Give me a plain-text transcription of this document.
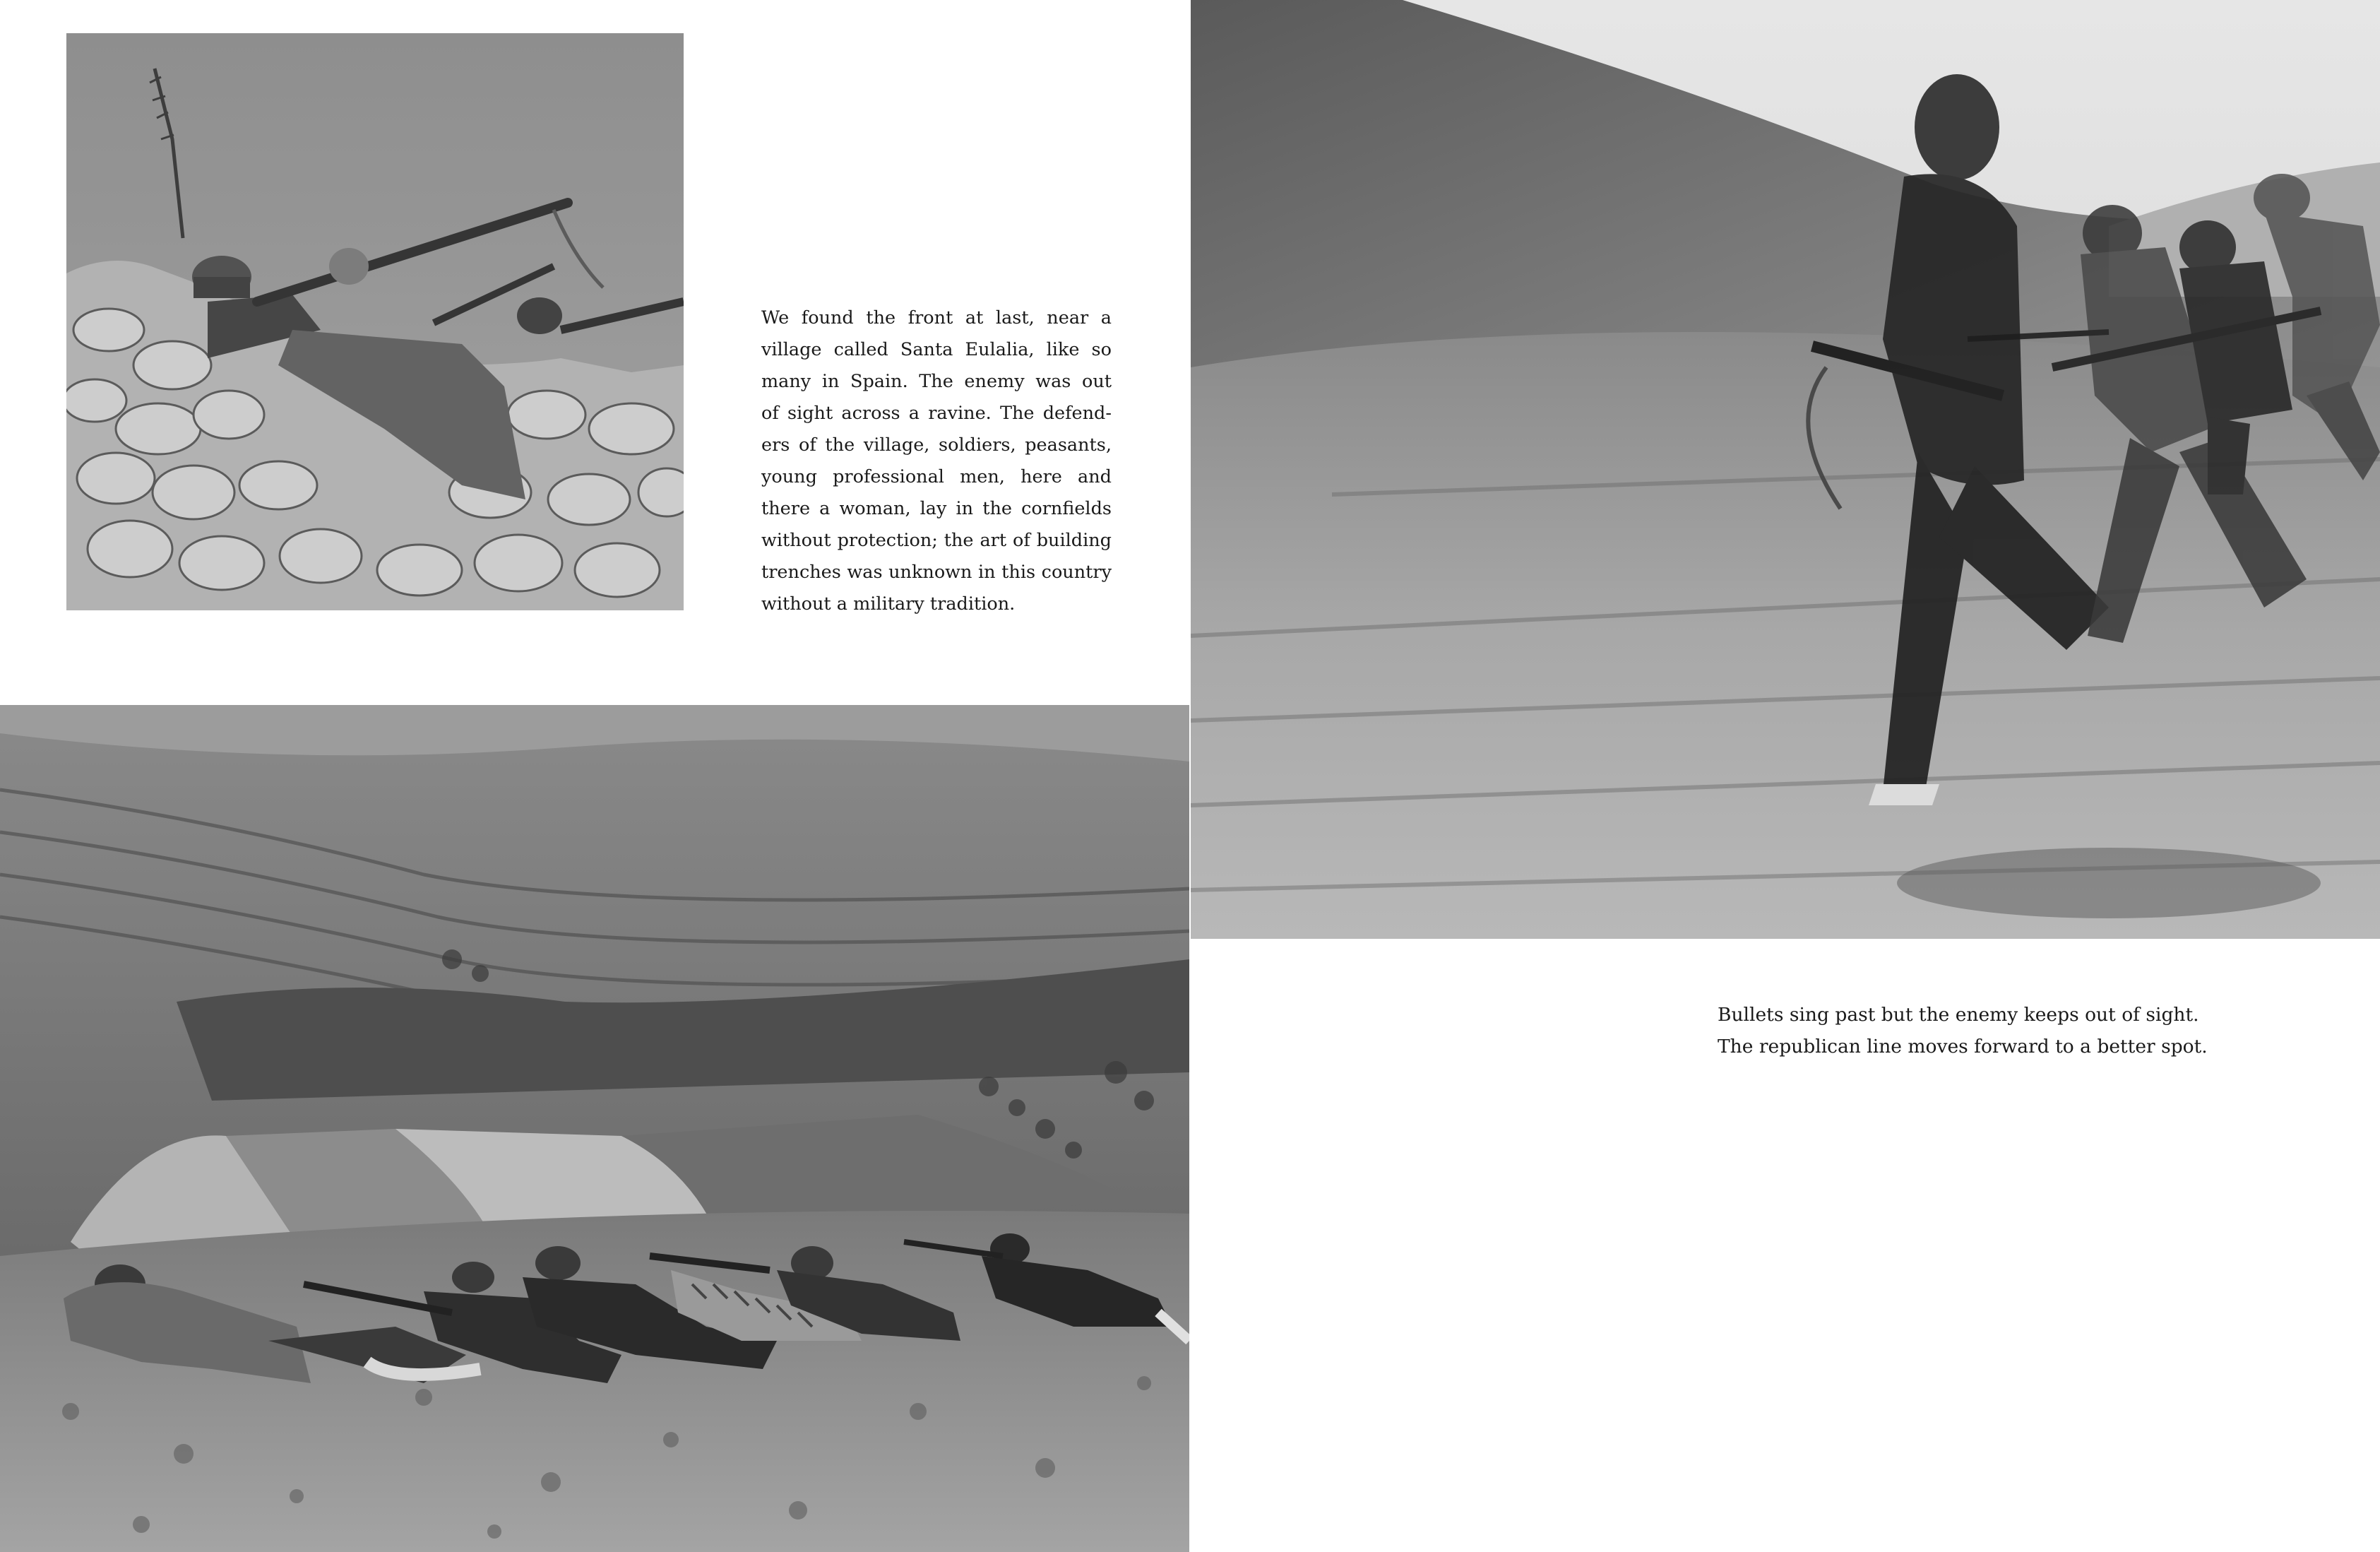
We found the front at last, near a
village called Santa Eulalia, like so
many in Spain. The enemy was out
of sight across a ravine. The defend-
ers of the village, soldiers, peasants,
young professional men, here and
there a woman, lay in the cornfields
without protection; the art of building
trenches was unknown in this country
without a military tradition.
Bullets sing past but the enemy keeps out of sight.
The republican line moves forward to a better spot.
